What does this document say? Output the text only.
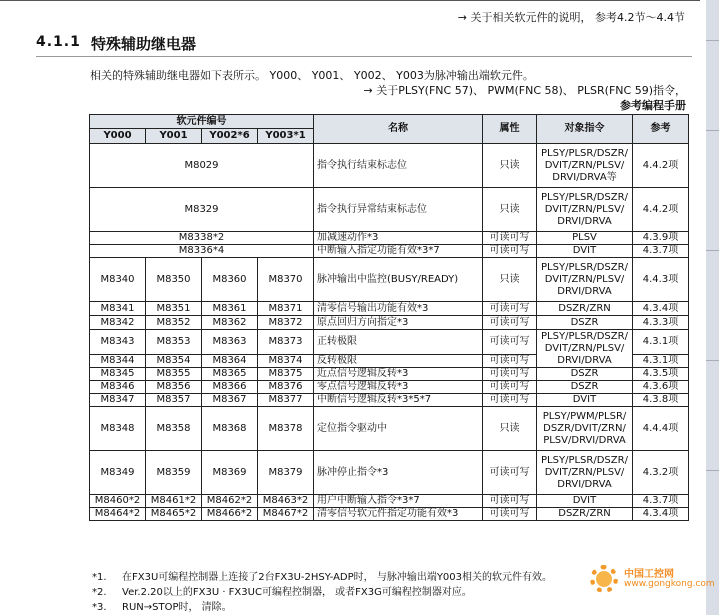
→ 关于相关软元件的说明， 参考4.2节～4.4节
4.1.1 特殊辅助继电器
相关的特殊辅助继电器如下表所示。 Y000、 Y001、 Y002、 Y003为脉冲输出端软元件。
→ 关于PLSY(FNC 57)、 PWM(FNC 58)、 PLSR(FNC 59)指令，
参考编程手册
软元件编号				名称	属性	对象指令	参考
Y000	Y001	Y002*6	Y003*1				
M8029				指令执行结束标志位	只读	PLSY/PLSR/DSZR/
DVIT/ZRN/PLSV/
DRVI/DRVA等	4.4.2项
M8329				指令执行异常结束标志位	只读	PLSY/PLSR/DSZR/
DVIT/ZRN/PLSV/
DRVI/DRVA	4.4.2项
M8338*2				加减速动作*3	可读可写	PLSV	4.3.9项
M8336*4				中断输入指定功能有效*3*7	可读可写	DVIT	4.3.7项
M8340	M8350	M8360	M8370	脉冲输出中监控(BUSY/READY)	只读	PLSY/PLSR/DSZR/
DVIT/ZRN/PLSV/
DRVI/DRVA	4.4.3项
M8341	M8351	M8361	M8371	清零信号输出功能有效*3	可读可写	DSZR/ZRN	4.3.4项
M8342	M8352	M8362	M8372	原点回归方向指定*3	可读可写	DSZR	4.3.3项
M8343	M8353	M8363	M8373	正转极限	可读可写	PLSY/PLSR/DSZR/
DVIT/ZRN/PLSV/
DRVI/DRVA	4.3.1项
M8344	M8354	M8364	M8374	反转极限	可读可写		4.3.1项
M8345	M8355	M8365	M8375	近点信号逻辑反转*3	可读可写	DSZR	4.3.5项
M8346	M8356	M8366	M8376	零点信号逻辑反转*3	可读可写	DSZR	4.3.6项
M8347	M8357	M8367	M8377	中断信号逻辑反转*3*5*7	可读可写	DVIT	4.3.8项
M8348	M8358	M8368	M8378	定位指令驱动中	只读	PLSY/PWM/PLSR/
DSZR/DVIT/ZRN/
PLSV/DRVI/DRVA	4.4.4项
M8349	M8359	M8369	M8379	脉冲停止指令*3	可读可写	PLSY/PLSR/DSZR/
DVIT/ZRN/PLSV/
DRVI/DRVA	4.3.2项
M8460*2	M8461*2	M8462*2	M8463*2	用户中断输入指令*3*7	可读可写	DVIT	4.3.7项
M8464*2	M8465*2	M8466*2	M8467*2	清零信号软元件指定功能有效*3	可读可写	DSZR/ZRN	4.3.4项
*1. 在FX3U可编程控制器上连接了2台FX3U-2HSY-ADP时， 与脉冲输出端Y003相关的软元件有效。
*2. Ver.2.20以上的FX3U · FX3UC可编程控制器， 或者FX3G可编程控制器对应。
*3. RUN→STOP时， 清除。
中国工控网
www.gongkong.com
